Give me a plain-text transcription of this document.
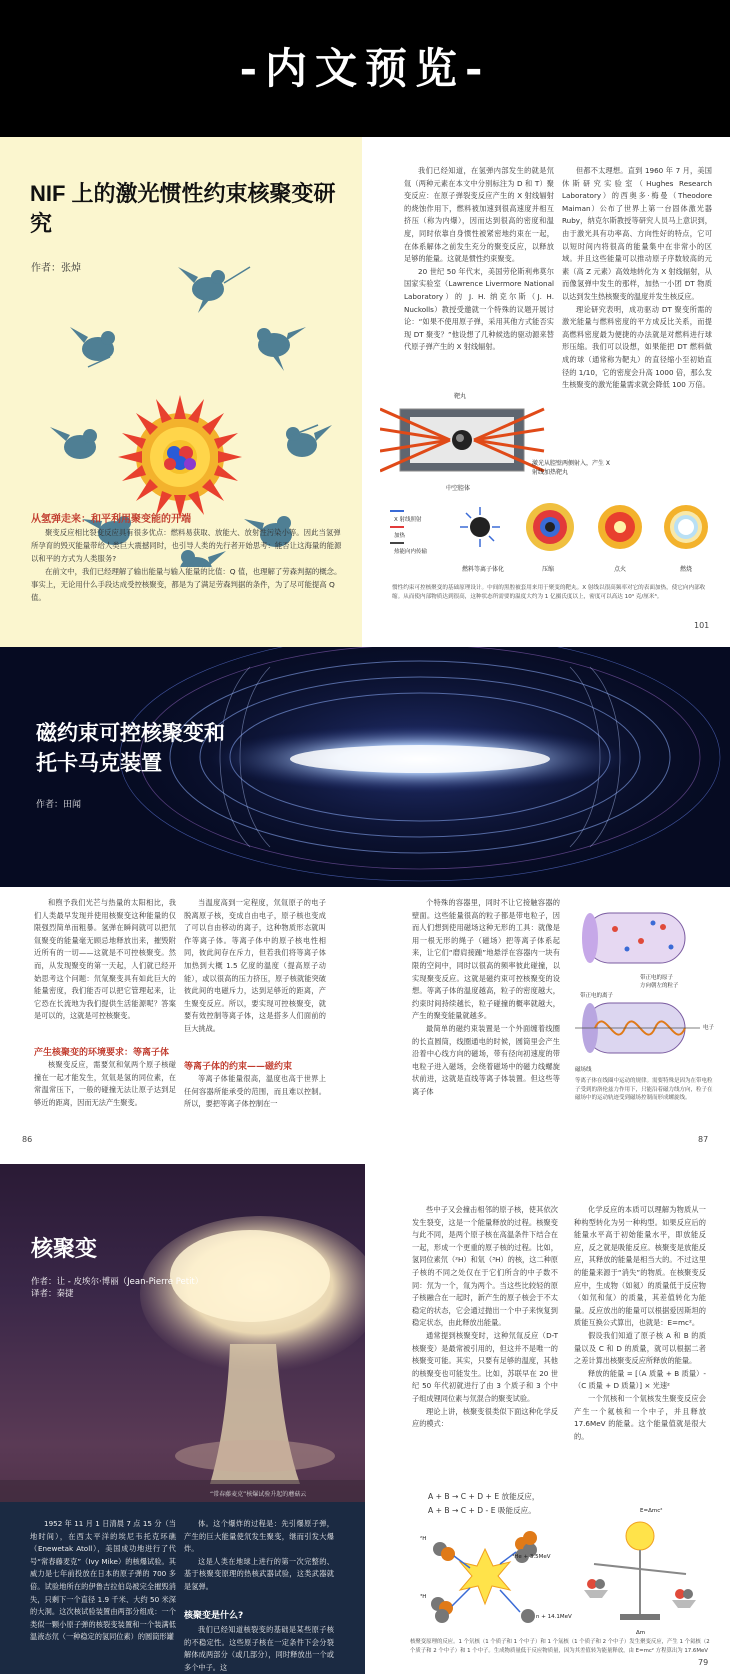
-内文预览-
NIF 上的激光惯性约束核聚变研究
作者：张焯
从氢弹走来：和平利用聚变能的开端

聚变反应相比裂变反应具有很多优点：燃料易获取、放能大、放射性污染小等。因此当氢弹所孕育的毁灭能量带给人类巨大震撼同时，也引导人类的先行者开始思考：能否让这海量的能源以和平的方式为人类服务?

在前文中，我们已经理解了输出能量与输入能量的比值：Q 值，也理解了劳森判据的概念。事实上，无论用什么手段达成受控核聚变，都是为了满足劳森判据的条件，为了尽可能提高 Q 值。

我们已经知道，在氢弹内部发生的就是氘氚（两种元素在本文中分别标注为 D 和 T）聚变反应：在原子弹裂变反应产生的 X 射线辐射的烧蚀作用下，燃料被加速到很高速度并相互挤压（称为内爆），因而达到很高的密度和温度，同时依靠自身惯性被紧密地约束在一起，在体系解体之前发生充分的聚变反应，以释放足够的能量。这就是惯性约束聚变。

20 世纪 50 年代末，美国劳伦斯利弗莫尔国家实验室（Lawrence Livermore National Laboratory）的 J. H. 纳克尔斯（J. H. Nuckolls）教授受邀就一个特殊的议题开展讨论：“如果不使用原子弹，采用其他方式能否实现 DT 聚变？”他设想了几种候选的驱动源来替代原子弹产生的 X 射线辐射。

但都不太理想。直到 1960 年 7 月，美国休斯研究实验室（Hughes Research Laboratory）的西奥多·梅曼（Theodore Maiman）公布了世界上第一台固体激光器 Ruby，纳克尔斯教授等研究人员马上意识到，由于激光具有功率高、方向性好的特点，它可以短时间内将很高的能量集中在非常小的区域。并且这些能量可以推动原子序数较高的元素（高 Z 元素）高效地转化为 X 射线辐射，从而像氢弹中发生的那样，加热一小团 DT 物质以达到发生热核聚变的温度并发生核反应。

理论研究表明，成功驱动 DT 聚变所需的激光能量与燃料密度的平方成反比关系，而提高燃料密度最为便捷的办法就是对燃料进行球形压缩。我们可以设想，如果能把 DT 燃料做成的球（通常称为靶丸）的直径缩小至初始直径的 1/10，它的密度会升高 1000 倍，那么发生核聚变的激光能量需求就会降低 100 万倍。

靶丸
激光从腔壁两侧射入，产生 X 射线加热靶丸
中空腔体
X 射线照射
加热
热能向内传输
燃料等离子体化	压缩	点火	燃烧
惯性约束可控核聚变的基础原理设计。中间的黑腔被套用来用于聚变的靶丸。X 射线以很高频率对它的表面加热，使它向内部收缩。从而使内部物质达到很高，这种状态所需要的温度大约为 1 亿摄氏度以上，密度可以高达 10³ 克/厘米³。
101
磁约束可控核聚变和
托卡马克装置
作者：田闻

和煦予我们光芒与热量的太阳相比，我们人类最早发现并使用核聚变这种能量的仅限强烈简单而粗暴。氢弹在瞬间就可以把氘氚聚变的能量毫无顾忌地释放出来，摧毁附近所有的一切——这就是不可控核聚变。然而，从发现聚变的第一天起，人们就已经开始思考这个问题：氘氚聚变具有如此巨大的能量密度，我们能否可以把它管理起来，让它恐在长流地为我们提供生活能源呢？答案是可以的，这就是可控核聚变。

产生核聚变的环境要求：等离子体

核聚变反应，需要氘和氚两个原子核碰撞在一起才能发生，氘氚是氢的同位素，在常温常压下，一般的碰撞无法让原子达到足够近的距离，因而无法产生聚变。

当温度高到一定程度，氘氚原子的电子脱离原子核，变成自由电子，原子核也变成了可以自由移动的离子，这种物质形态就叫作等离子体。等离子体中的原子核电性相同，彼此间存在斥力，但若我们将等离子体加热到大概 1.5 亿度的温度（提高原子动能），或以很高的压力挤压，原子核就能突破彼此间的电磁斥力，达到足够近的距离，产生聚变反应。所以，要实现可控核聚变，就要有效控制等离子体，这是搭多人们面前的巨大挑战。

等离子体的约束——磁约束

等离子体能量很高，温度也高于世界上任何容器所能承受的范围，而且难以控制。所以，要把等离子体控制在一

个特殊的容器里，同时不让它接触容器的壁面。这些能量很高的粒子都是带电粒子，因而人们想到使用磁场这种无形的工具：就像是用一根无形的绳子（磁场）把等离子体系起来，让它们“磨肩接踵”地悬浮在容器内一块有限的空间中，同时以很高的频率彼此碰撞，以实现聚变反应。这就是磁约束可控核聚变的设想。等离子体的温度越高，粒子的密度越大，约束时间持续越长，粒子碰撞的概率就越大，产生的聚变能量就越多。

最简单的磁约束装置是一个外面缠着线圈的长直圆筒，线圈通电的时候，圆筒里会产生沿着中心线方向的磁场，带有径向初速度的带电粒子进入磁场，会绕着磁场中的磁力线螺旋状前进，这就是直线等离子体装置。但这些等离子体

带正电的原子
方向朝左的粒子
带正电的离子
磁场线
电子
等离子体在线圈中运动的规律。需要特殊是因为在带电粒子受到的洛伦兹力作用下，只能沿着磁力线方向，粒子在磁场中的运动轨迹受到磁场控制而形成螺旋线。
86	87
核聚变
作者：让 - 皮埃尔·博丽（Jean-Pierre Petit）
译者：秦捷
“常春藤麦克”核爆试验升起的蘑菇云
1952 年 11 月 1 日清晨 7 点 15 分（当地时间），在西太平洋的埃尼韦托克环礁（Enewetak Atoll），美国成功地进行了代号“常春藤麦克”（Ivy Mike）的核爆试验。其威力是七年前投放在日本的原子弹的 700 多倍。试验地所在的伊鲁吉拉伯岛被完全摧毁消失，只剩下一个直径 1.9 千米、大约 50 米深的大洞。这次核试验装置由两部分组成：一个类似一颗小原子弹的核裂变装置和一个装满低温液态氘（一种稳定的氢同位素）的圆筒形罐

体。这个爆炸的过程是：先引爆原子弹，产生的巨大能量使氘发生聚变，继而引发大爆炸。

这是人类在地球上进行的第一次完整的、基于核聚变原理的热核武器试验，这类武器就是氢弹。

核聚变是什么?
我们已经知道核裂变的基础是某些原子核的不稳定性。这些原子核在一定条件下会分裂解体成两部分（或几部分），同时释放出一个或多个中子。这

些中子又会撞击相邻的原子核，使其依次发生裂变，这是一个能量释放的过程。核聚变与此不同，是两个原子核在高温条件下结合在一起，形成一个更重的原子核的过程。比如，氢同位素氘（²H）和氚（³H）的核，这二种原子核的不同之处仅在于它们所含的中子数不同：氘为一个，氚为两个。当这些比较轻的原子核融合在一起时，新产生的原子核会于不太稳定的状态，它会通过抛出一个中子来恢复到稳定状态，由此释放出能量。

通常提到核聚变时，这种氘氚反应（D-T 核聚变）是最常被引用的，但这并不是唯一的核聚变可能。其实，只要有足够的温度，其他的核聚变也可能发生。比如，苏联早在 20 世纪 50 年代初就进行了由 3 个质子和 3 个中子组成锂同位素与氘混合的聚变试验。

理论上讲，核聚变很类似下面这种化学反应的模式：

A + B → C + D + E 放能反应，
A + B → C + D - E 吸能反应。

化学反应的本质可以理解为物质从一种构型转化为另一种构型。如果反应后的能量水平高于初始能量水平，即放能反应，反之就是吸能反应。核聚变是放能反应，其释放的能量是相当大的。不过这里的能量来源于“消失”的物质。在核聚变反应中，生成物（如氦）的质量低于反应物（如氘和氚）的质量，其差值转化为能量。反应放出的能量可以根据爱因斯坦的质能互换公式算出，也就是：E=mc²。

假设我们知道了原子核 A 和 B 的质量以及 C 和 D 的质量，就可以根据二者之差计算出核聚变反应所释放的能量。

释放的能量 = [（A 质量 + B 质量）-（C 质量 + D 质量）] × 光速²

一个氘核和一个氚核发生聚变反应会产生一个氦核和一个中子，并且释放 17.6MeV 的能量。这个能量值就是很大的。

⁴He + 3.5MeV
n + 14.1MeV
²H
³H
E=Δmc²
Δm
核聚变原理的反应。1 个氘核（1 个质子和 1 个中子）和 1 个氚核（1 个质子和 2 个中子）发生聚变反应，产生 1 个氦核（2 个质子和 2 个中子）和 1 个中子。生成物质量低于反应物质量，因为其差值转为能量释放，由 E=mc² 方程算出为 17.6MeV
79
